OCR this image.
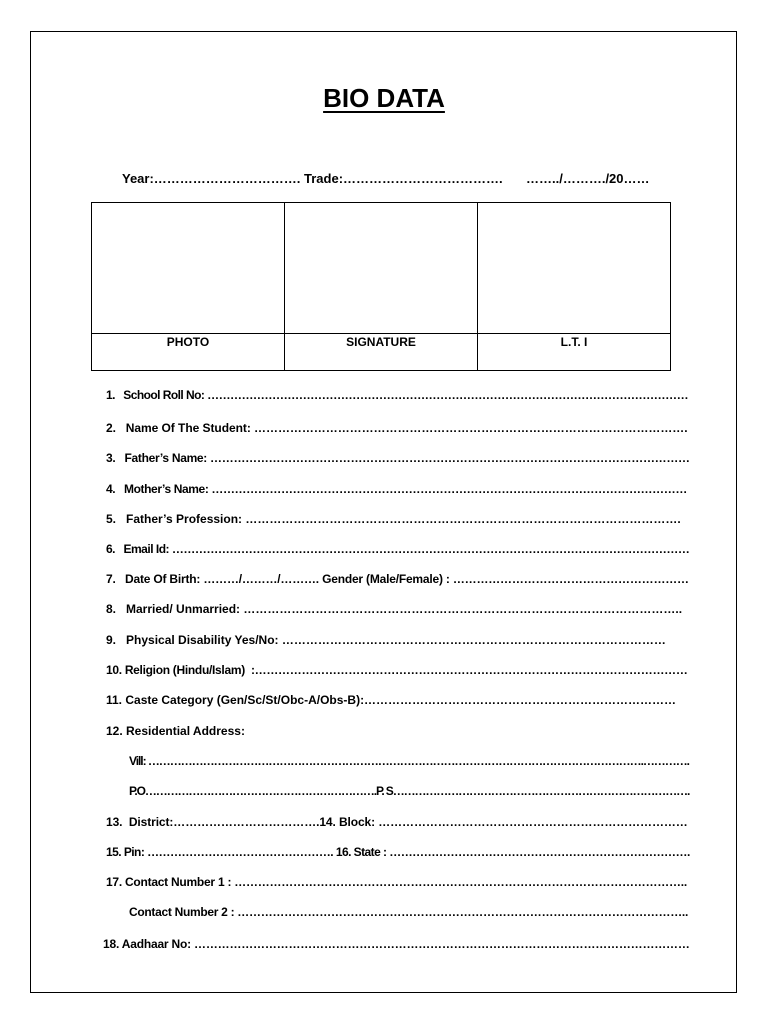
BIO DATA
Year:……………………………. Trade:………………………………. ……../………./20……
PHOTO	SIGNATURE	L.T. I
1.   School Roll No: ………………………………………………………………………………………………………………
2.   Name Of The Student: ……………………………………………………………………………………………….
3.   Father’s Name: ……………………………………………………………………………………………………………
4.   Mother’s Name: ……………………………………………………………………………………………………………
5.   Father’s Profession: ……………………………………………………………………………………………….
6.   Email Id: ………………………………………………………………………………………………………………………
7.   Date Of Birth: ………/………/………. Gender (Male/Female) : ……………………………………………………
8.   Married/ Unmarried: ………………………………………………………………………………………………..
9.   Physical Disability Yes/No: ……………………………………………………………………………………
10. Religion (Hindu/Islam)  :…………………………………………………………………………………………………
11. Caste Category (Gen/Sc/St/Obc-A/Obs-B):……………………………………………………………………
12. Residential Address:
Vill: ……………………………………………………………………………………………………………………….………….
P.O……………………………………………………….P. S……………………………………………………………………….
13.  District:……………………………….14. Block: ……………………………………………………………………
15. Pin: …………………………………………. 16. State : …………………………………………………………………….
17. Contact Number 1 : ……………………………………………………………………………………………………..
Contact Number 2 : ……………………………………………………………………………………………………..
18. Aadhaar No: ………………………………………………………………………………………………………………
